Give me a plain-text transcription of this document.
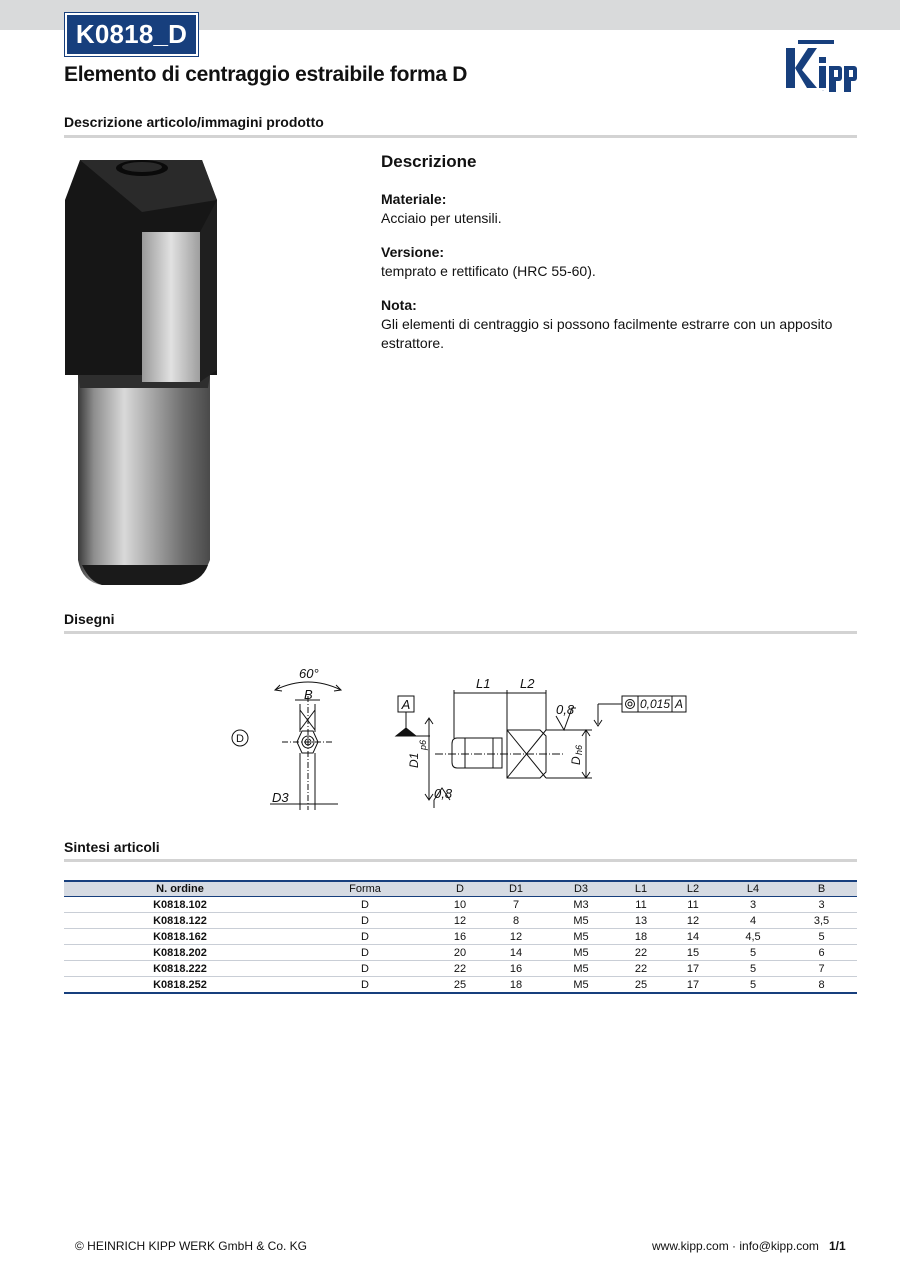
K0818_D
Elemento di centraggio estraibile forma D
Kipp
Descrizione articolo/immagini prodotto
Descrizione

Materiale:

Acciaio per utensili.

Versione:

temprato e rettificato (HRC 55-60).

Nota:

Gli elementi di centraggio si possono facilmente estrarre con un apposito estrattore.

Disegni
D
60°
B
D3
A
D1
p6
L1 L2
0,8
0,8
D
h6
0,015 A
Sintesi articoli
N. ordine	Forma	D	D1	D3	L1	L2	L4	B
K0818.102	D	10	7	M3	11	11	3	3
K0818.122	D	12	8	M5	13	12	4	3,5
K0818.162	D	16	12	M5	18	14	4,5	5
K0818.202	D	20	14	M5	22	15	5	6
K0818.222	D	22	16	M5	22	17	5	7
K0818.252	D	25	18	M5	25	17	5	8
© HEINRICH KIPP WERK GmbH & Co. KG	www.kipp.com · info@kipp.com 1/1
